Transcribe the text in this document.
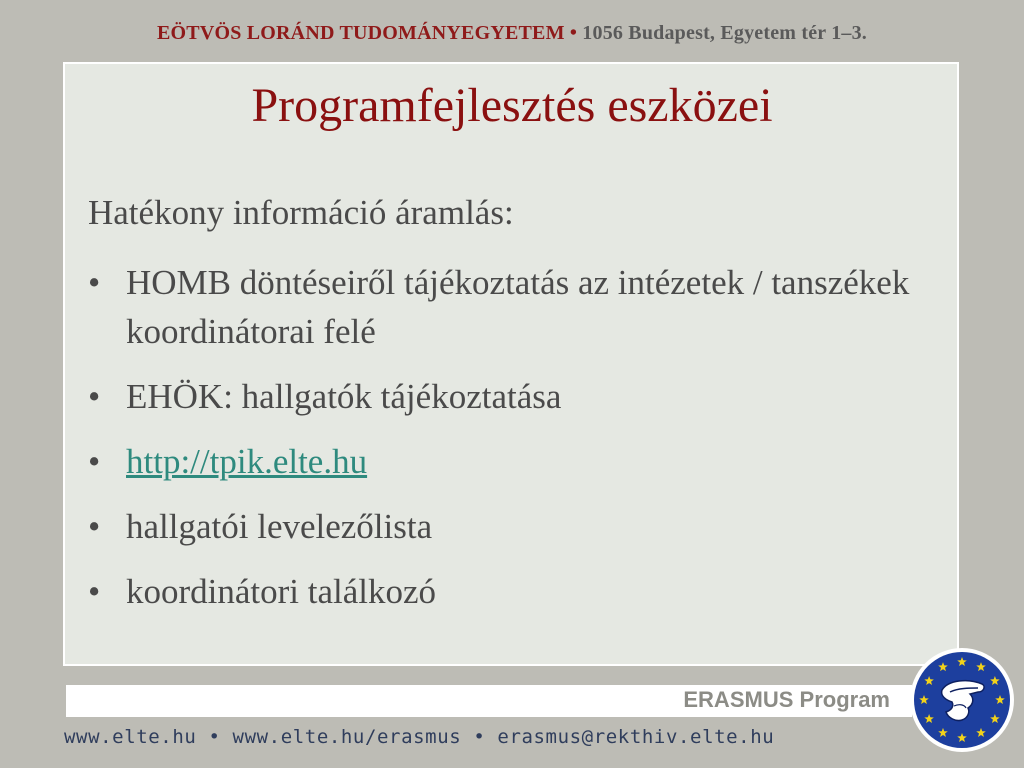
EÖTVÖS LORÁND TUDOMÁNYEGYETEM • 1056 Budapest, Egyetem tér 1–3.
Programfejlesztés eszközei
Hatékony információ áramlás:
• HOMB döntéseiről tájékoztatás az intézetek / tanszékek koordinátorai felé
• EHÖK: hallgatók tájékoztatása
• http://tpik.elte.hu
• hallgatói levelezőlista
• koordinátori találkozó
ERASMUS Program
www.elte.hu • www.elte.hu/erasmus • erasmus@rekthiv.elte.hu
